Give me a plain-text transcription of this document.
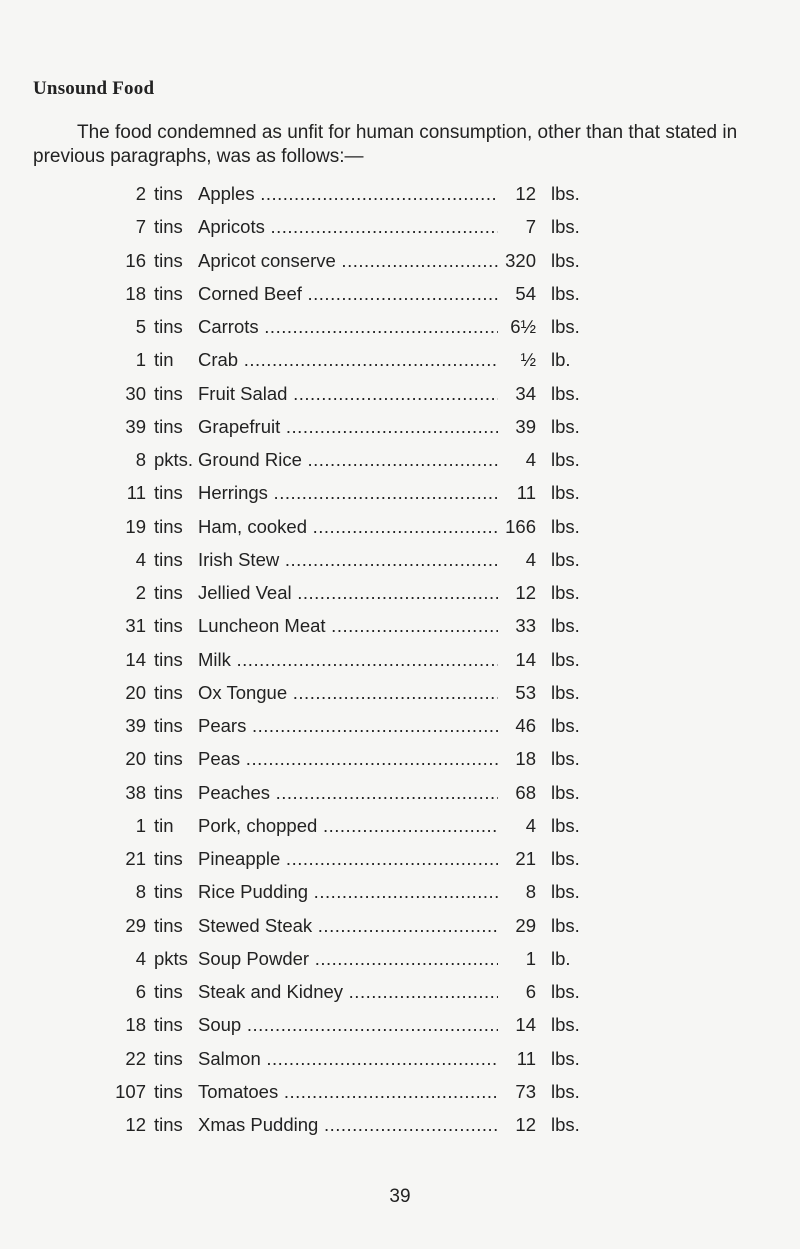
Unsound Food
The food condemned as unfit for human consumption, other than that stated in previous paragraphs, was as follows:—
2 tins Apples .....	12 lbs.
7 tins Apricots .....	7 lbs.
16 tins Apricot conserve .....	320 lbs.
18 tins Corned Beef .....	54 lbs.
5 tins Carrots .....	6½ lbs.
1 tin Crab .....	½ lb.
30 tins Fruit Salad .....	34 lbs.
39 tins Grapefruit .....	39 lbs.
8 pkts. Ground Rice .....	4 lbs.
11 tins Herrings .....	11 lbs.
19 tins Ham, cooked .....	166 lbs.
4 tins Irish Stew .....	4 lbs.
2 tins Jellied Veal .....	12 lbs.
31 tins Luncheon Meat .....	33 lbs.
14 tins Milk .....	14 lbs.
20 tins Ox Tongue .....	53 lbs.
39 tins Pears .....	46 lbs.
20 tins Peas .....	18 lbs.
38 tins Peaches .....	68 lbs.
1 tin Pork, chopped .....	4 lbs.
21 tins Pineapple .....	21 lbs.
8 tins Rice Pudding .....	8 lbs.
29 tins Stewed Steak .....	29 lbs.
4 pkts Soup Powder .....	1 lb.
6 tins Steak and Kidney .....	6 lbs.
18 tins Soup .....	14 lbs.
22 tins Salmon .....	11 lbs.
107 tins Tomatoes .....	73 lbs.
12 tins Xmas Pudding .....	12 lbs.
39
